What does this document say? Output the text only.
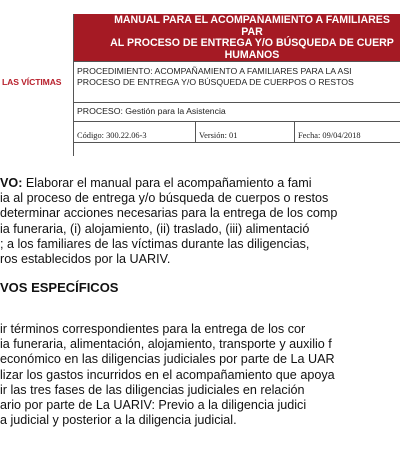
LAS VÍCTIMAS
MANUAL PARA EL ACOMPAÑAMIENTO A FAMILIARES PAR
AL PROCESO DE ENTREGA Y/O BÚSQUEDA DE CUERP
HUMANOS
PROCEDIMIENTO: ACOMPAÑAMIENTO A FAMILIARES PARA LA ASI
PROCESO DE ENTREGA Y/O BÚSQUEDA DE CUERPOS O RESTOS
PROCESO: Gestión para la Asistencia
Código: 300.22.06-3	Versión: 01	Fecha: 09/04/2018
VO: Elaborar el manual para el acompañamiento a fami
ia al proceso de entrega y/o búsqueda de cuerpos o restos
determinar acciones necesarias para la entrega de los comp
ia funeraria, (i) alojamiento, (ii) traslado, (iii) alimentació
; a los familiares de las víctimas durante las diligencias,
ros establecidos por la UARIV.
VOS ESPECÍFICOS
ir términos correspondientes para la entrega de los cor
ia funeraria, alimentación, alojamiento, transporte y auxilio f
económico en las diligencias judiciales por parte de La UAR
lizar los gastos incurridos en el acompañamiento que apoya
ir las tres fases de las diligencias judiciales en relación
ario por parte de La UARIV: Previo a la diligencia judici
a judicial y posterior a la diligencia judicial.
